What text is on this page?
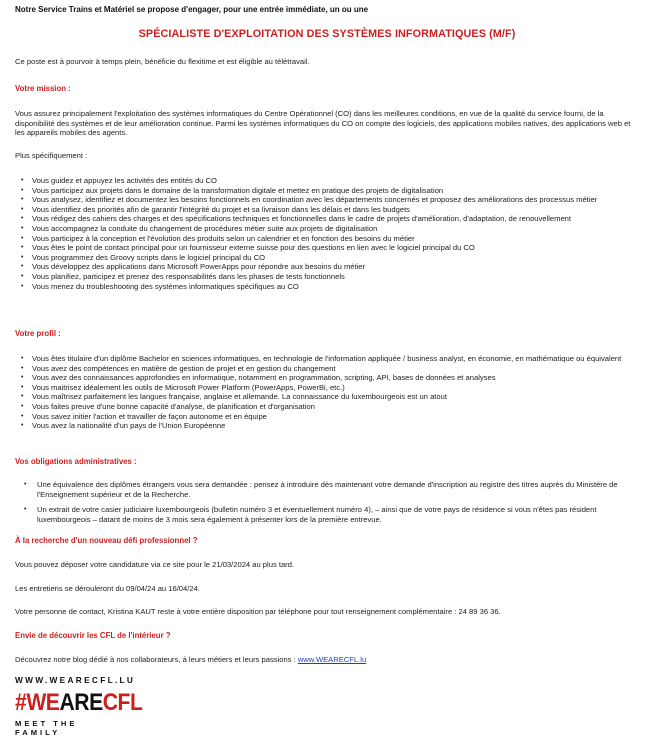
Notre Service Trains et Matériel se propose d'engager, pour une entrée immédiate, un ou une
SPÉCIALISTE D'EXPLOITATION DES SYSTÈMES INFORMATIQUES (M/F)
Ce poste est à pourvoir à temps plein, bénéficie du flexitime et est éligible au télétravail.
Votre mission :
Vous assurez principalement l'exploitation des systèmes informatiques du Centre Opérationnel (CO) dans les meilleures conditions, en vue de la qualité du service fourni, de la disponibilité des systèmes et de leur amélioration continue. Parmi les systèmes informatiques du CO on compte des logiciels, des applications mobiles natives, des applications web et les appareils mobiles des agents.
Plus spécifiquement :
• Vous guidez et appuyez les activités des entités du CO
• Vous participez aux projets dans le domaine de la transformation digitale et mettez en pratique des projets de digitalisation
• Vous analysez, identifiez et documentez les besoins fonctionnels en coordination avec les départements concernés et proposez des améliorations des processus métier
• Vous identifiez des priorités afin de garantir l'intégrité du projet et sa livraison dans les délais et dans les budgets
• Vous rédigez des cahiers des charges et des spécifications techniques et fonctionnelles dans le cadre de projets d'amélioration, d'adaptation, de renouvellement
• Vous accompagnez la conduite du changement de procédures métier suite aux projets de digitalisation
• Vous participez à la conception et l'évolution des produits selon un calendrier et en fonction des besoins du métier
• Vous êtes le point de contact principal pour un fournisseur externe suisse pour des questions en lien avec le logiciel principal du CO
• Vous programmez des Groovy scripts dans le logiciel principal du CO
• Vous développez des applications dans Microsoft PowerApps pour répondre aux besoins du métier
• Vous planifiez, participez et prenez des responsabilités dans les phases de tests fonctionnels
• Vous menez du troubleshooting des systèmes informatiques spécifiques au CO
Votre profil :
• Vous êtes titulaire d'un diplôme Bachelor en sciences informatiques, en technologie de l'information appliquée / business analyst, en économie, en mathématique ou équivalent
• Vous avez des compétences en matière de gestion de projet et en gestion du changement
• Vous avez des connaissances approfondies en informatique, notamment en programmation, scripting, API, bases de données et analyses
• Vous maitrisez idéalement les outils de Microsoft Power Platform (PowerApps, PowerBi, etc.)
• Vous maîtrisez parfaitement les langues française, anglaise et allemande. La connaissance du luxembourgeois est un atout
• Vous faites preuve d'une bonne capacité d'analyse, de planification et d'organisation
• Vous savez initier l'action et travailler de façon autonome et en équipe
• Vous avez la nationalité d'un pays de l'Union Européenne
Vos obligations administratives :
• Une équivalence des diplômes étrangers vous sera demandée : pensez à introduire dès maintenant votre demande d'inscription au registre des titres auprès du Ministère de l'Enseignement supérieur et de la Recherche.
• Un extrait de votre casier judiciaire luxembourgeois (bulletin numéro 3 et éventuellement numéro 4), – ainsi que de votre pays de résidence si vous n'êtes pas résident luxembourgeois – datant de moins de 3 mois sera également à présenter lors de la première entrevue.
À la recherche d'un nouveau défi professionnel ?
Vous pouvez déposer votre candidature via ce site pour le 21/03/2024 au plus tard.
Les entretiens se dérouleront du 09/04/24 au 16/04/24.
Votre personne de contact, Kristina KAUT reste à votre entière disposition par téléphone pour tout renseignement complémentaire : 24 89 36 36.
Envie de découvrir les CFL de l'intérieur ?
Découvrez notre blog dédié à nos collaborateurs, à leurs métiers et leurs passions : www.WEARECFL.lu
WWW.WEARECFL.LU
#WEARECFL
MEET THE FAMILY
